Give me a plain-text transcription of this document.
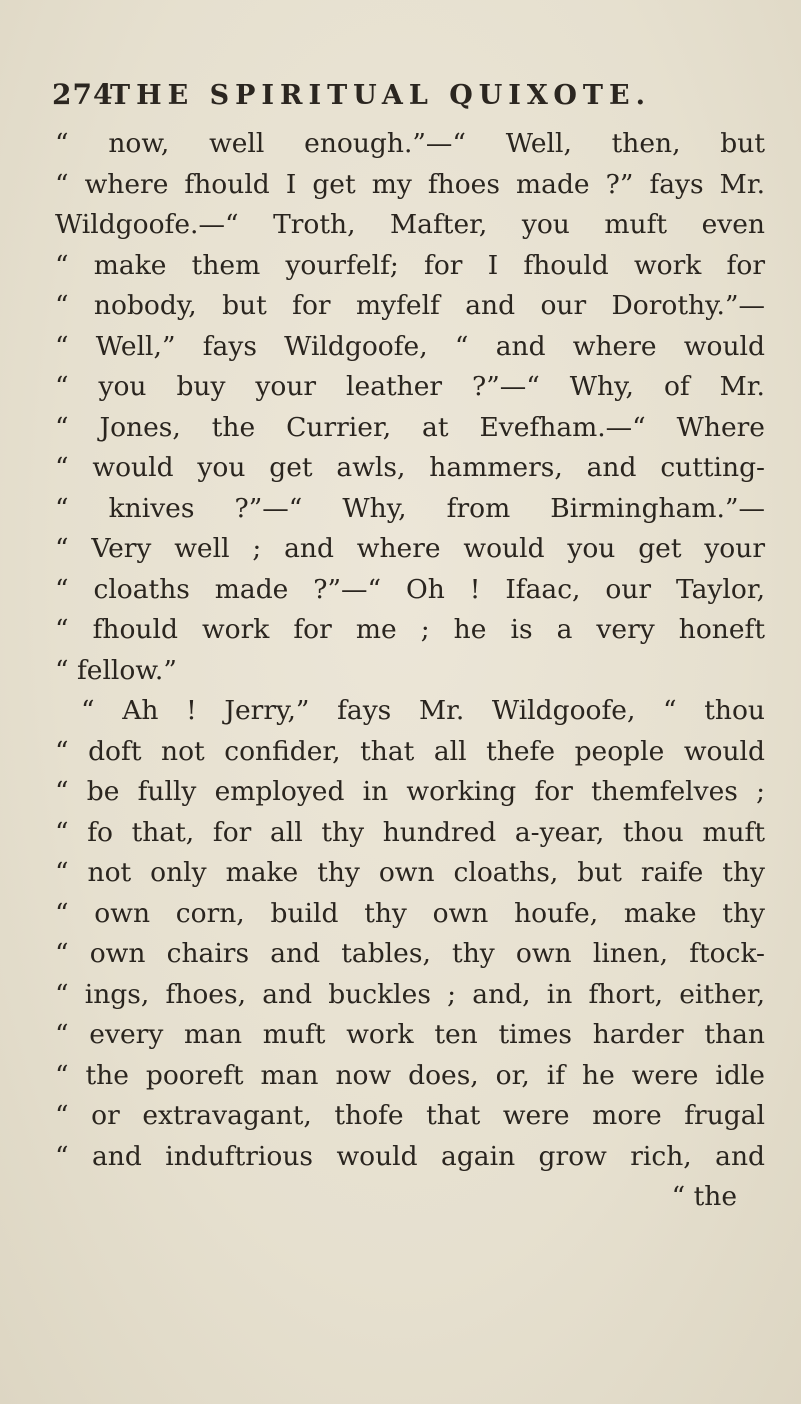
274
THE SPIRITUAL QUIXOTE.
“ now, well enough.”—“ Well, then, but
“ where fhould I get my fhoes made ?” fays Mr.
Wildgoofe.—“ Troth, Mafter, you muft even
“ make them yourfelf; for I fhould work for
“ nobody, but for myfelf and our Dorothy.”—
“ Well,” fays Wildgoofe, “ and where would
“ you buy your leather ?”—“ Why, of Mr.
“ Jones, the Currier, at Evefham.—“ Where
“ would you get awls, hammers, and cutting-
“ knives ?”—“ Why, from Birmingham.”—
“ Very well ; and where would you get your
“ cloaths made ?”—“ Oh ! Ifaac, our Taylor,
“ fhould work for me ; he is a very honeft
“ fellow.”
“ Ah ! Jerry,” fays Mr. Wildgoofe, “ thou
“ doft not confider, that all thefe people would
“ be fully employed in working for themfelves ;
“ fo that, for all thy hundred a-year, thou muft
“ not only make thy own cloaths, but raife thy
“ own corn, build thy own houfe, make thy
“ own chairs and tables, thy own linen, ftock-
“ ings, fhoes, and buckles ; and, in fhort, either,
“ every man muft work ten times harder than
“ the pooreft man now does, or, if he were idle
“ or extravagant, thofe that were more frugal
“ and induftrious would again grow rich, and
“ the
